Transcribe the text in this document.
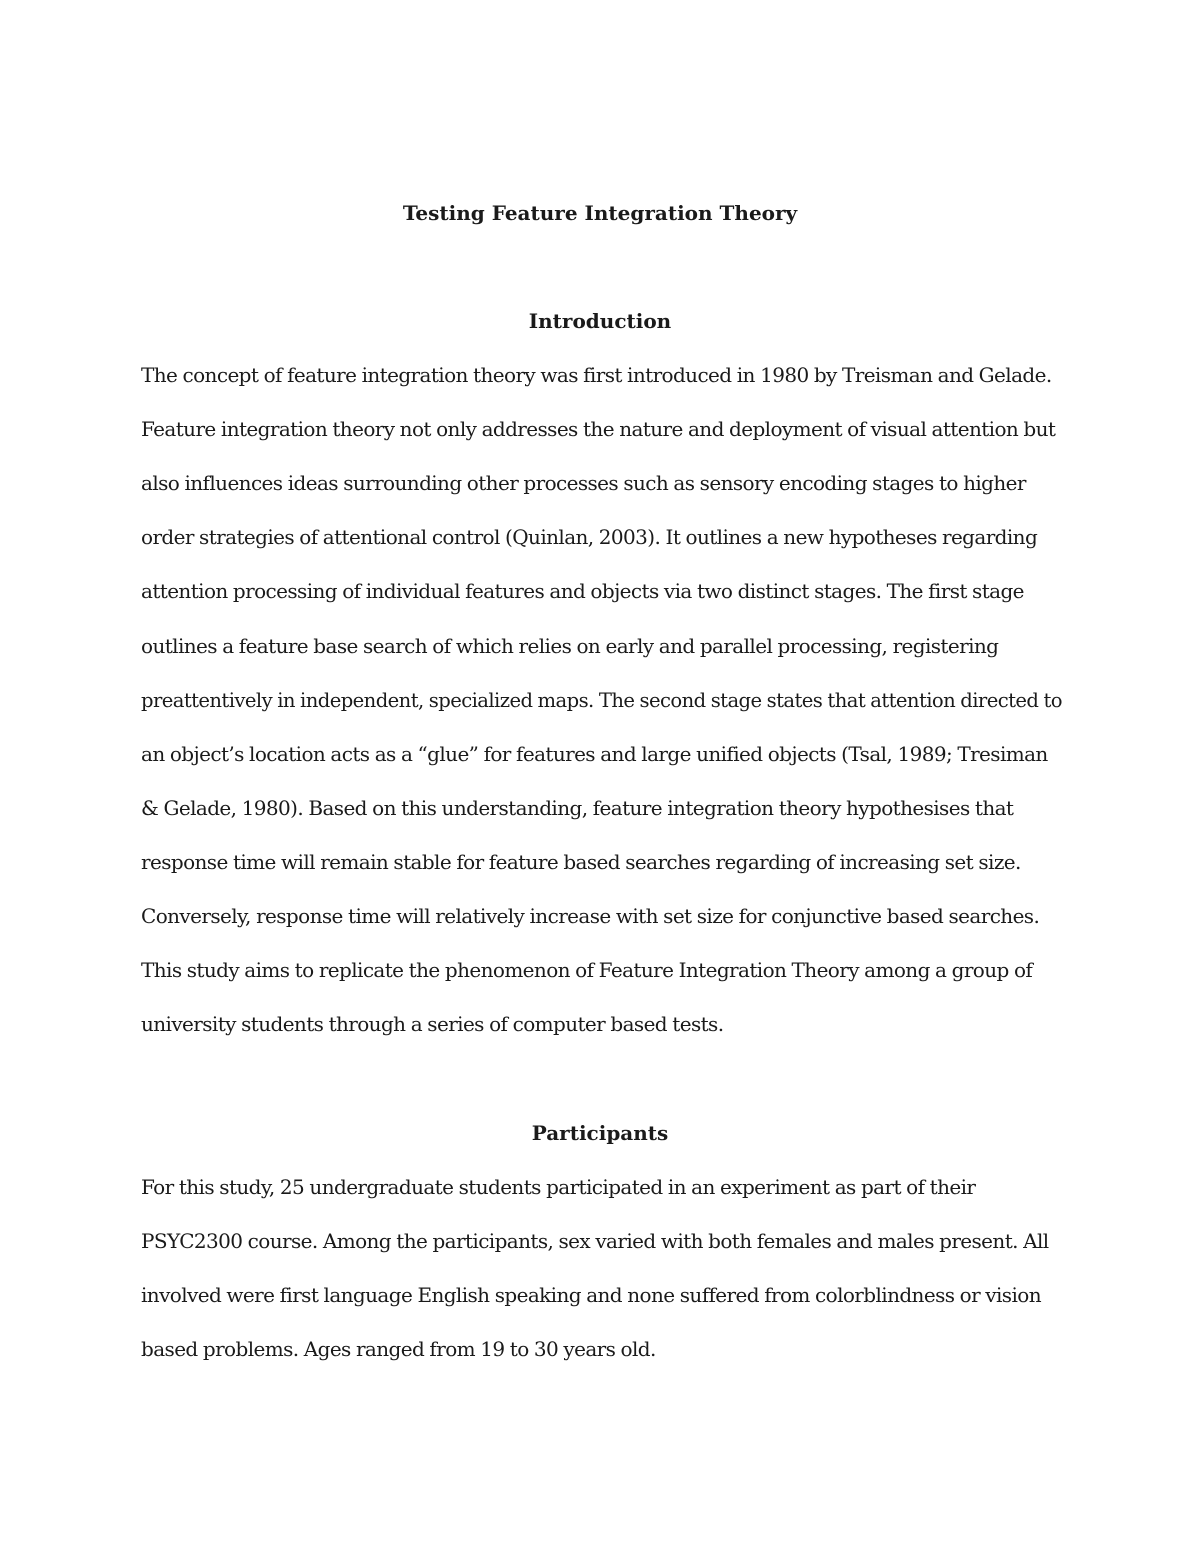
Testing Feature Integration Theory
Introduction

The concept of feature integration theory was first introduced in 1980 by Treisman and Gelade.

Feature integration theory not only addresses the nature and deployment of visual attention but

also influences ideas surrounding other processes such as sensory encoding stages to higher

order strategies of attentional control (Quinlan, 2003). It outlines a new hypotheses regarding

attention processing of individual features and objects via two distinct stages. The first stage

outlines a feature base search of which relies on early and parallel processing, registering

preattentively in independent, specialized maps. The second stage states that attention directed to

an object’s location acts as a “glue” for features and large unified objects (Tsal, 1989; Tresiman

& Gelade, 1980). Based on this understanding, feature integration theory hypothesises that

response time will remain stable for feature based searches regarding of increasing set size.

Conversely, response time will relatively increase with set size for conjunctive based searches.

This study aims to replicate the phenomenon of Feature Integration Theory among a group of

university students through a series of computer based tests.

Participants

For this study, 25 undergraduate students participated in an experiment as part of their

PSYC2300 course. Among the participants, sex varied with both females and males present. All

involved were first language English speaking and none suffered from colorblindness or vision

based problems. Ages ranged from 19 to 30 years old.
